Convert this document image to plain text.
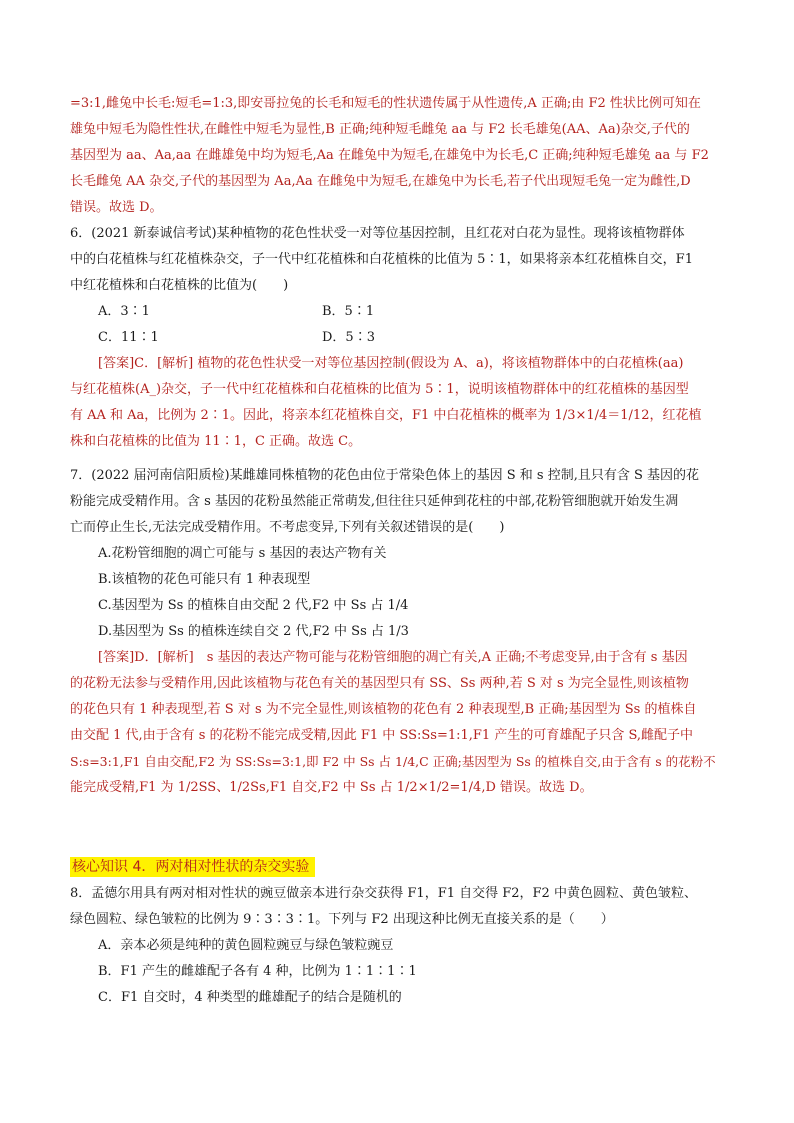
=3:1,雌兔中长毛:短毛=1:3,即安哥拉兔的长毛和短毛的性状遗传属于从性遗传,A 正确;由 F2 性状比例可知在
雄兔中短毛为隐性性状,在雌性中短毛为显性,B 正确;纯种短毛雌兔 aa 与 F2 长毛雄兔(AA、Aa)杂交,子代的
基因型为 aa、Aa,aa 在雌雄兔中均为短毛,Aa 在雌兔中为短毛,在雄兔中为长毛,C 正确;纯种短毛雄兔 aa 与 F2
长毛雌兔 AA 杂交,子代的基因型为 Aa,Aa 在雌兔中为短毛,在雄兔中为长毛,若子代出现短毛兔一定为雌性,D
错误。故选 D。
6．(2021 新泰诚信考试)某种植物的花色性状受一对等位基因控制，且红花对白花为显性。现将该植物群体
中的白花植株与红花植株杂交，子一代中红花植株和白花植株的比值为 5∶1，如果将亲本红花植株自交，F1
中红花植株和白花植株的比值为(　　)
A．3∶1	B．5∶1
C．11∶1	D．5∶3
[答案]C．[解析] 植物的花色性状受一对等位基因控制(假设为 A、a)，将该植物群体中的白花植株(aa)
与红花植株(A_)杂交，子一代中红花植株和白花植株的比值为 5∶1，说明该植物群体中的红花植株的基因型
有 AA 和 Aa，比例为 2∶1。因此，将亲本红花植株自交，F1 中白花植株的概率为 1/3×1/4＝1/12，红花植
株和白花植株的比值为 11∶1，C 正确。故选 C。
7．(2022 届河南信阳质检)某雌雄同株植物的花色由位于常染色体上的基因 S 和 s 控制,且只有含 S 基因的花
粉能完成受精作用。含 s 基因的花粉虽然能正常萌发,但往往只延伸到花柱的中部,花粉管细胞就开始发生凋
亡而停止生长,无法完成受精作用。不考虑变异,下列有关叙述错误的是(　　)
A.花粉管细胞的凋亡可能与 s 基因的表达产物有关
B.该植物的花色可能只有 1 种表现型
C.基因型为 Ss 的植株自由交配 2 代,F2 中 Ss 占 1/4
D.基因型为 Ss 的植株连续自交 2 代,F2 中 Ss 占 1/3
[答案]D．[解析]　s 基因的表达产物可能与花粉管细胞的凋亡有关,A 正确;不考虑变异,由于含有 s 基因
的花粉无法参与受精作用,因此该植物与花色有关的基因型只有 SS、Ss 两种,若 S 对 s 为完全显性,则该植物
的花色只有 1 种表现型,若 S 对 s 为不完全显性,则该植物的花色有 2 种表现型,B 正确;基因型为 Ss 的植株自
由交配 1 代,由于含有 s 的花粉不能完成受精,因此 F1 中 SS:Ss=1:1,F1 产生的可育雄配子只含 S,雌配子中
S:s=3:1,F1 自由交配,F2 为 SS:Ss=3:1,即 F2 中 Ss 占 1/4,C 正确;基因型为 Ss 的植株自交,由于含有 s 的花粉不
能完成受精,F1 为 1/2SS、1/2Ss,F1 自交,F2 中 Ss 占 1/2×1/2=1/4,D 错误。故选 D。
核心知识 4．两对相对性状的杂交实验
8．孟德尔用具有两对相对性状的豌豆做亲本进行杂交获得 F1，F1 自交得 F2，F2 中黄色圆粒、黄色皱粒、
绿色圆粒、绿色皱粒的比例为 9∶3∶3∶1。下列与 F2 出现这种比例无直接关系的是（　　）
A．亲本必须是纯种的黄色圆粒豌豆与绿色皱粒豌豆
B．F1 产生的雌雄配子各有 4 种，比例为 1∶1∶1∶1
C．F1 自交时，4 种类型的雌雄配子的结合是随机的
